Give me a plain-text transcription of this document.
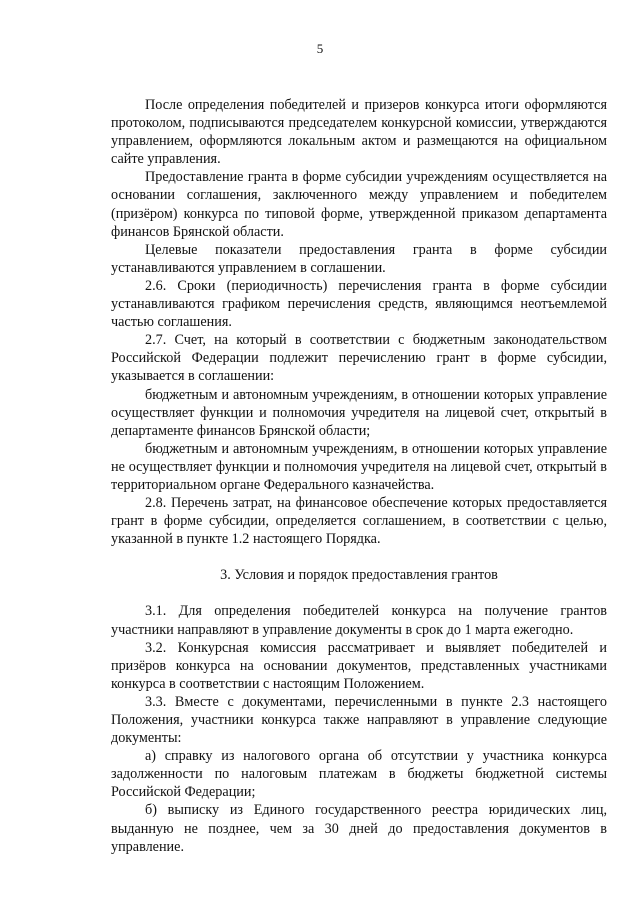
5

После определения победителей и призеров конкурса итоги оформляются протоколом, подписываются председателем конкурсной комиссии, утверждаются управлением, оформляются локальным актом и размещаются на официальном сайте управления.

Предоставление гранта в форме субсидии учреждениям осуществляется на основании соглашения, заключенного между управлением и победителем (призёром) конкурса по типовой форме, утвержденной приказом департамента финансов Брянской области.

Целевые показатели предоставления гранта в форме субсидии устанавливаются управлением в соглашении.

2.6. Сроки (периодичность) перечисления гранта в форме субсидии устанавливаются графиком перечисления средств, являющимся неотъемлемой частью соглашения.

2.7. Счет, на который в соответствии с бюджетным законодательством Российской Федерации подлежит перечислению грант в форме субсидии, указывается в соглашении:

бюджетным и автономным учреждениям, в отношении которых управление осуществляет функции и полномочия учредителя на лицевой счет, открытый в департаменте финансов Брянской области;

бюджетным и автономным учреждениям, в отношении которых управление не осуществляет функции и полномочия учредителя на лицевой счет, открытый в территориальном органе Федерального казначейства.

2.8. Перечень затрат, на финансовое обеспечение которых предоставляется грант в форме субсидии, определяется соглашением, в соответствии с целью, указанной в пункте 1.2 настоящего Порядка.

3. Условия и порядок предоставления грантов

3.1. Для определения победителей конкурса на получение грантов участники направляют в управление документы в срок до 1 марта ежегодно.

3.2. Конкурсная комиссия рассматривает и выявляет победителей и призёров конкурса на основании документов, представленных участниками конкурса в соответствии с настоящим Положением.

3.3. Вместе с документами, перечисленными в пункте 2.3 настоящего Положения, участники конкурса также направляют в управление следующие документы:

а) справку из налогового органа об отсутствии у участника конкурса задолженности по налоговым платежам в бюджеты бюджетной системы Российской Федерации;

б) выписку из Единого государственного реестра юридических лиц, выданную не позднее, чем за 30 дней до предоставления документов в управление.
